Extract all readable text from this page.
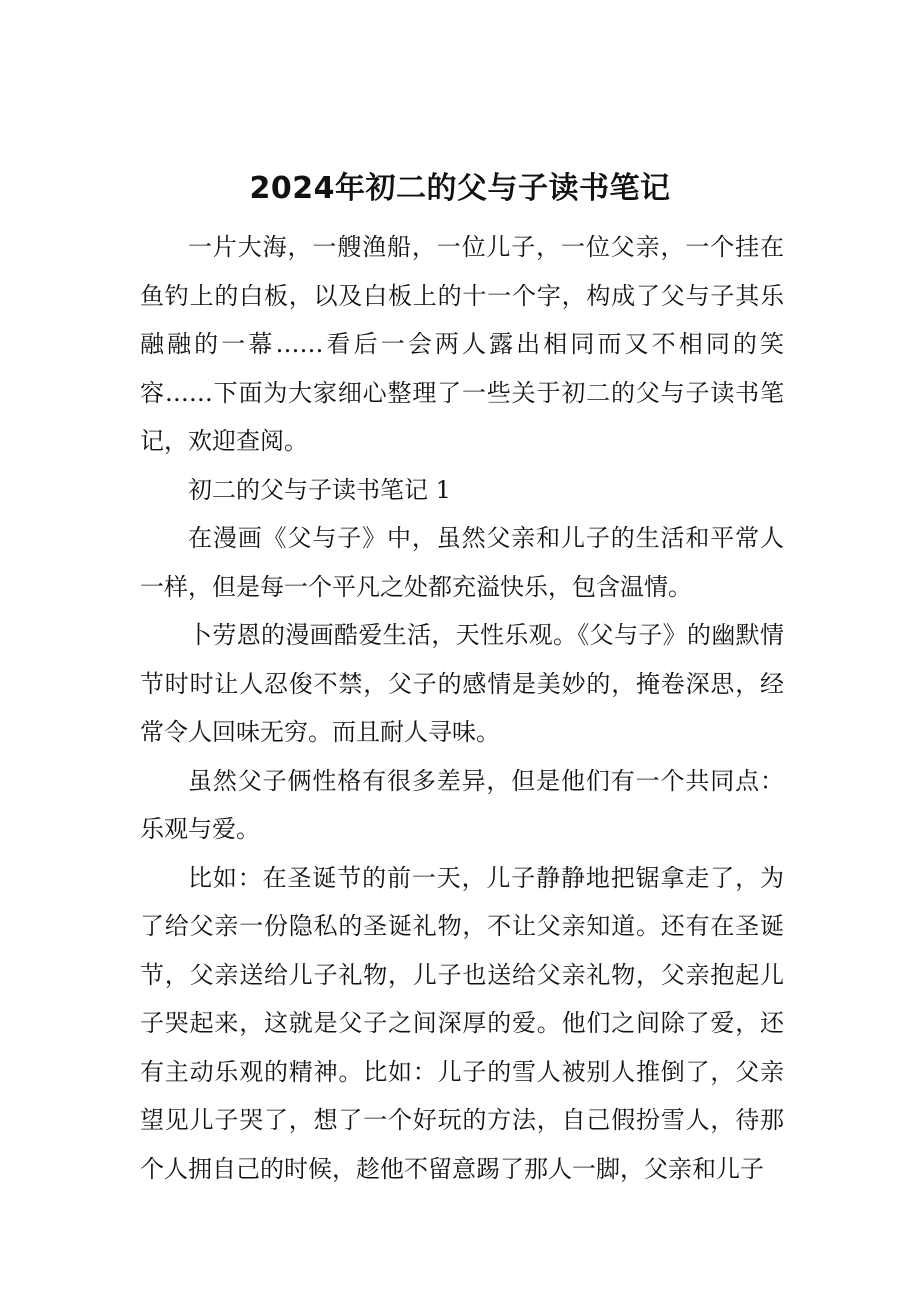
2024年初二的父与子读书笔记

一片大海，一艘渔船，一位儿子，一位父亲，一个挂在鱼钓上的白板，以及白板上的十一个字，构成了父与子其乐融融的一幕……看后一会两人露出相同而又不相同的笑容……下面为大家细心整理了一些关于初二的父与子读书笔记，欢迎查阅。

初二的父与子读书笔记 1

在漫画《父与子》中，虽然父亲和儿子的生活和平常人一样，但是每一个平凡之处都充溢快乐，包含温情。

卜劳恩的漫画酷爱生活，天性乐观。《父与子》的幽默情节时时让人忍俊不禁，父子的感情是美妙的，掩卷深思，经常令人回味无穷。而且耐人寻味。

虽然父子俩性格有很多差异，但是他们有一个共同点：乐观与爱。

比如：在圣诞节的前一天，儿子静静地把锯拿走了，为了给父亲一份隐私的圣诞礼物，不让父亲知道。还有在圣诞节，父亲送给儿子礼物，儿子也送给父亲礼物，父亲抱起儿子哭起来，这就是父子之间深厚的爱。他们之间除了爱，还有主动乐观的精神。比如：儿子的雪人被别人推倒了，父亲望见儿子哭了，想了一个好玩的方法，自己假扮雪人，待那个人拥自己的时候，趁他不留意踢了那人一脚，父亲和儿子
